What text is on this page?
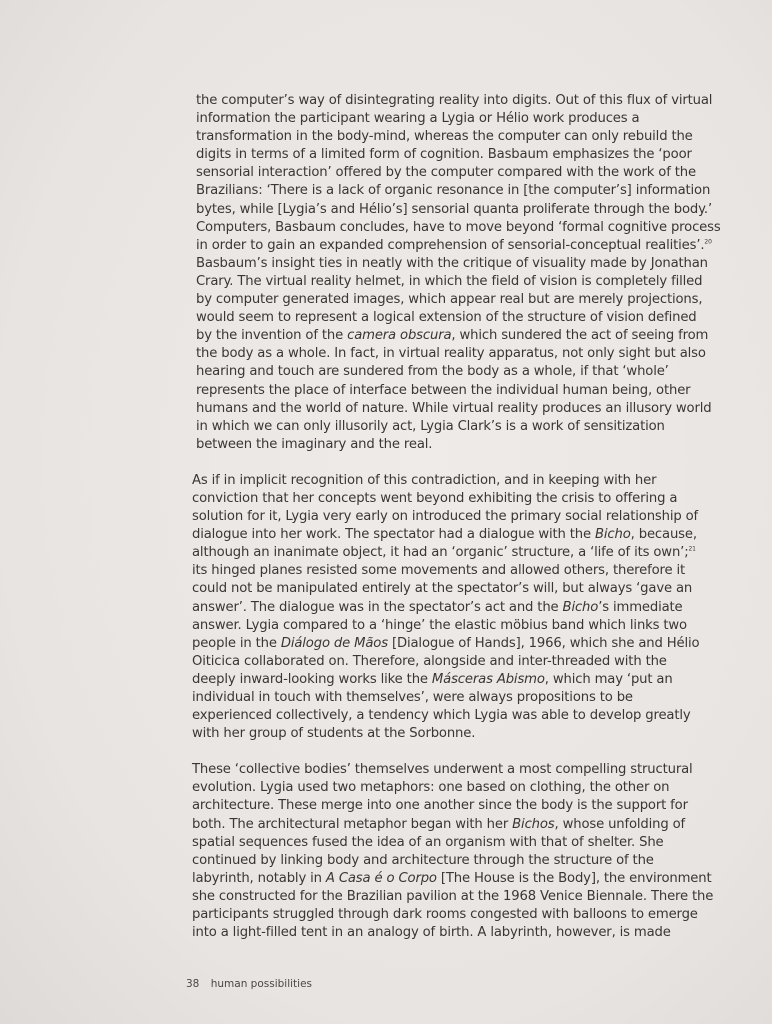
the computer’s way of disintegrating reality into digits. Out of this flux of virtual
information the participant wearing a Lygia or Hélio work produces a
transformation in the body-mind, whereas the computer can only rebuild the
digits in terms of a limited form of cognition. Basbaum emphasizes the ‘poor
sensorial interaction’ offered by the computer compared with the work of the
Brazilians: ‘There is a lack of organic resonance in [the computer’s] information
bytes, while [Lygia’s and Hélio’s] sensorial quanta proliferate through the body.’
Computers, Basbaum concludes, have to move beyond ‘formal cognitive process
in order to gain an expanded comprehension of sensorial-conceptual realities’.$^{20}$
Basbaum’s insight ties in neatly with the critique of visuality made by Jonathan
Crary. The virtual reality helmet, in which the field of vision is completely filled
by computer generated images, which appear real but are merely projections,
would seem to represent a logical extension of the structure of vision defined
by the invention of the camera obscura, which sundered the act of seeing from
the body as a whole. In fact, in virtual reality apparatus, not only sight but also
hearing and touch are sundered from the body as a whole, if that ‘whole’
represents the place of interface between the individual human being, other
humans and the world of nature. While virtual reality produces an illusory world
in which we can only illusorily act, Lygia Clark’s is a work of sensitization
between the imaginary and the real.

As if in implicit recognition of this contradiction, and in keeping with her
conviction that her concepts went beyond exhibiting the crisis to offering a
solution for it, Lygia very early on introduced the primary social relationship of
dialogue into her work. The spectator had a dialogue with the Bicho, because,
although an inanimate object, it had an ‘organic’ structure, a ‘life of its own’;$^{21}$
its hinged planes resisted some movements and allowed others, therefore it
could not be manipulated entirely at the spectator’s will, but always ‘gave an
answer’. The dialogue was in the spectator’s act and the Bicho’s immediate
answer. Lygia compared to a ‘hinge’ the elastic möbius band which links two
people in the Diálogo de Mãos [Dialogue of Hands], 1966, which she and Hélio
Oiticica collaborated on. Therefore, alongside and inter-threaded with the
deeply inward-looking works like the Másceras Abismo, which may ‘put an
individual in touch with themselves’, were always propositions to be
experienced collectively, a tendency which Lygia was able to develop greatly
with her group of students at the Sorbonne.

These ‘collective bodies’ themselves underwent a most compelling structural
evolution. Lygia used two metaphors: one based on clothing, the other on
architecture. These merge into one another since the body is the support for
both. The architectural metaphor began with her Bichos, whose unfolding of
spatial sequences fused the idea of an organism with that of shelter. She
continued by linking body and architecture through the structure of the
labyrinth, notably in A Casa é o Corpo [The House is the Body], the environment
she constructed for the Brazilian pavilion at the 1968 Venice Biennale. There the
participants struggled through dark rooms congested with balloons to emerge
into a light-filled tent in an analogy of birth. A labyrinth, however, is made

38 human possibilities
